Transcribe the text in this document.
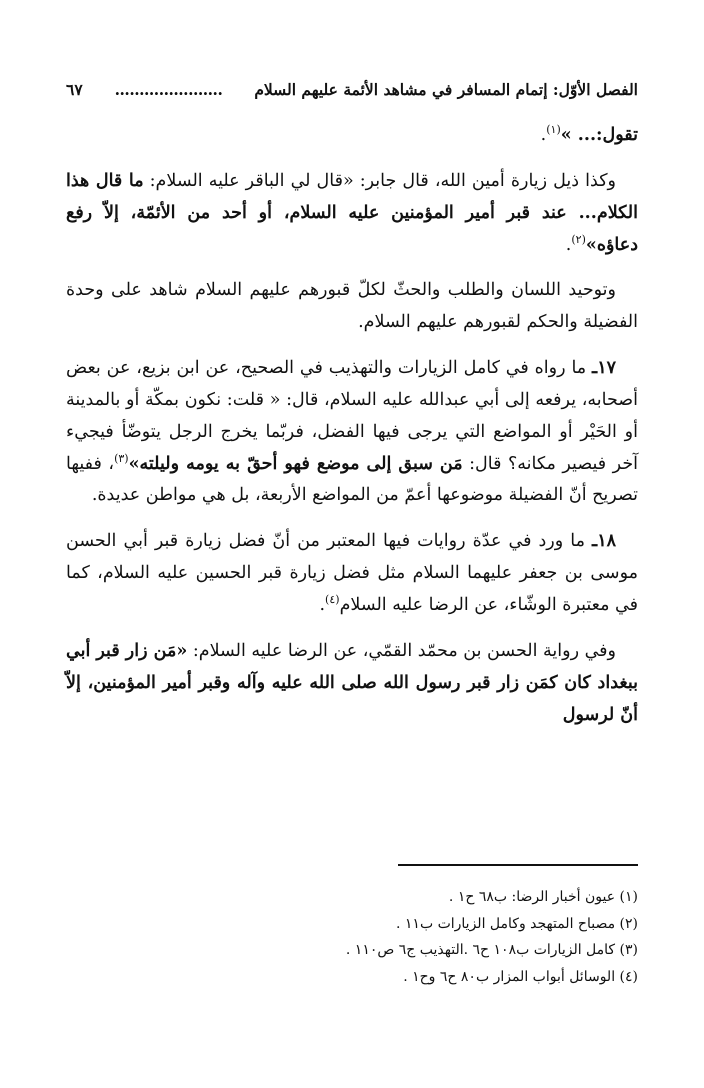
الفصل الأوّل: إتمام المسافر في مشاهد الأئمة عليهم السلام
......................
٦٧

تقول:... »$^{(١)}$.

وكذا ذيل زيارة أمين الله، قال جابر: «قال لي الباقر عليه السلام: ما قال هذا الكلام... عند قبر أمير المؤمنين عليه السلام، أو أحد من الأئمّة، إلاّ رفع دعاؤه»$^{(٢)}$.

وتوحيد اللسان والطلب والحثّ لكلّ قبورهم عليهم السلام شاهد على وحدة الفضيلة والحكم لقبورهم عليهم السلام.

١٧ـ ما رواه في كامل الزيارات والتهذيب في الصحيح، عن ابن بزيع، عن بعض أصحابه، يرفعه إلى أبي عبدالله عليه السلام، قال: « قلت: نكون بمكّة أو بالمدينة أو الحَيْر أو المواضع التي يرجى فيها الفضل، فربّما يخرج الرجل يتوضّأ فيجيء آخر فيصير مكانه؟ قال: مَن سبق إلى موضع فهو أحقّ به يومه وليلته»$^{(٣)}$، ففيها تصريح أنّ الفضيلة موضوعها أعمّ من المواضع الأربعة، بل هي مواطن عديدة.

١٨ـ ما ورد في عدّة روايات فيها المعتبر من أنّ فضل زيارة قبر أبي الحسن موسى بن جعفر عليهما السلام مثل فضل زيارة قبر الحسين عليه السلام، كما في معتبرة الوشّاء، عن الرضا عليه السلام$^{(٤)}$.

وفي رواية الحسن بن محمّد القمّي، عن الرضا عليه السلام: «مَن زار قبر أبي ببغداد كان كمَن زار قبر رسول الله صلى الله عليه وآله وقبر أمير المؤمنين، إلاّ أنّ لرسول

(١) عيون أخبار الرضا: ب٦٨ ح١ .
(٢) مصباح المتهجد وكامل الزيارات ب١١ .
(٣) كامل الزيارات ب١٠٨ ح٦ .التهذيب ج٦ ص١١٠ .
(٤) الوسائل أبواب المزار ب٨٠ ح٦ وح١ .
